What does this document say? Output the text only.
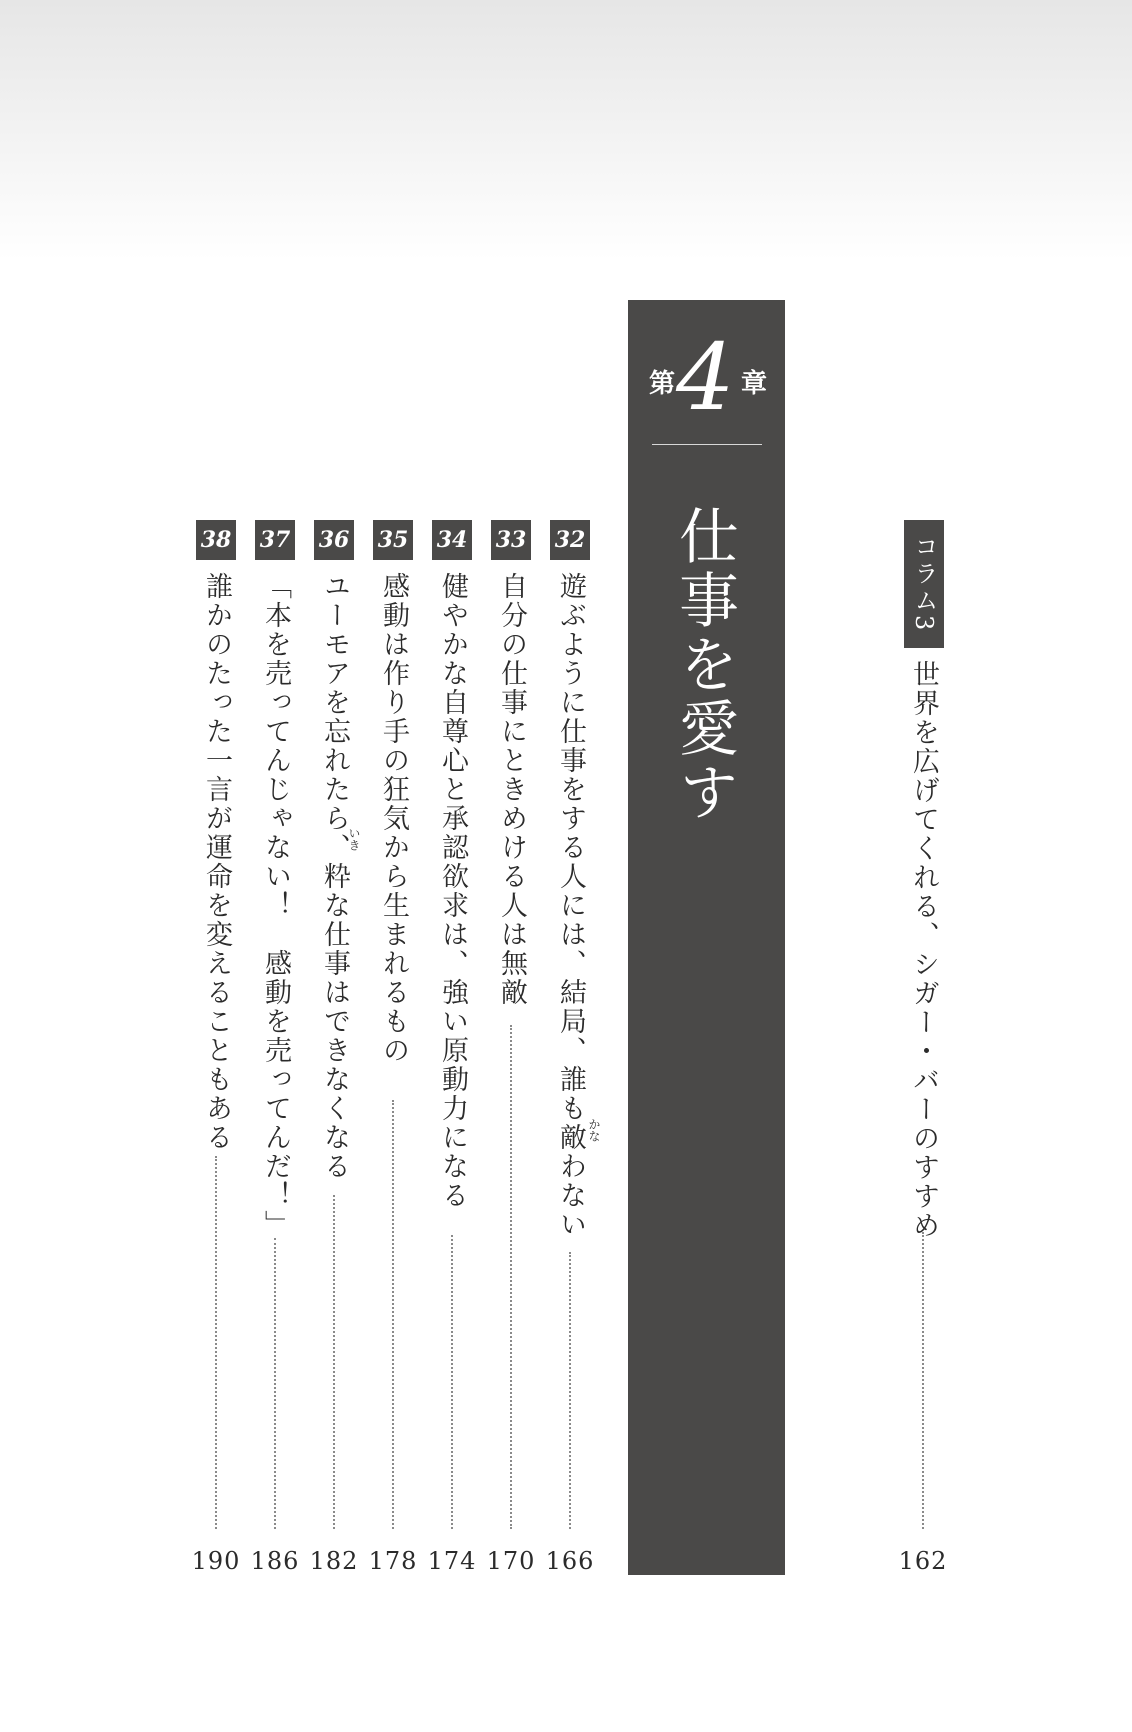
第 4 章
仕事を愛す
32
遊ぶように仕事をする人には、結局、誰も敵わない かな
166
33
自分の仕事にときめける人は無敵
170
34
健やかな自尊心と承認欲求は、強い原動力になる
174
35
感動は作り手の狂気から生まれるもの
178
36
ユーモアを忘れたら、粋な仕事はできなくなる
いき
182
37
「本を売ってんじゃない！　感動を売ってんだ！」
186
38
誰かのたった一言が運命を変えることもある
190
コラム3
世界を広げてくれる、シガー・バーのすすめ
162
